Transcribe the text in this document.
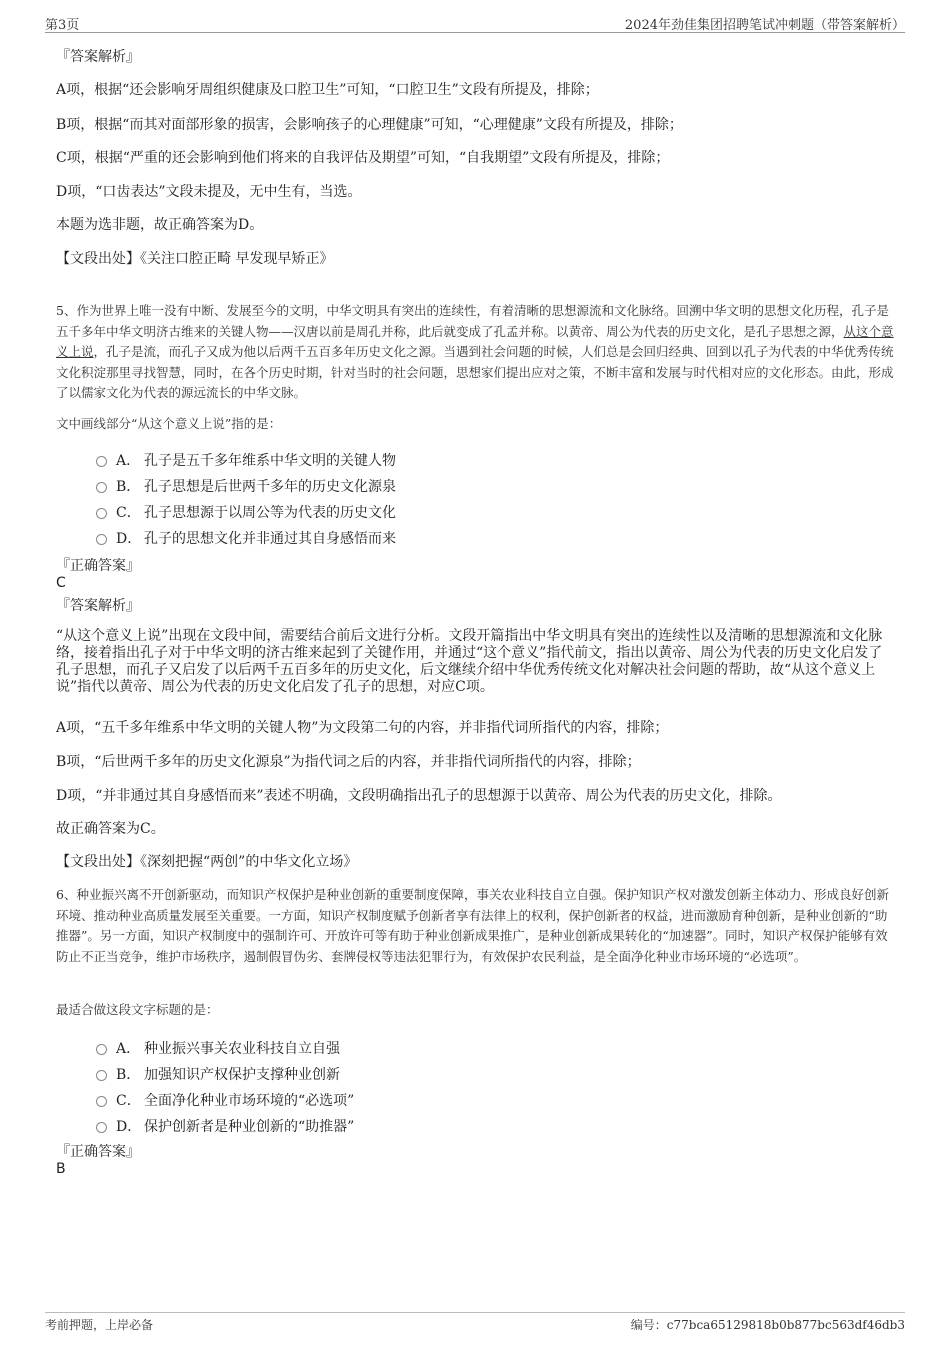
第3页	2024年劲佳集团招聘笔试冲刺题（带答案解析）
『答案解析』
A项，根据“还会影响牙周组织健康及口腔卫生”可知，“口腔卫生”文段有所提及，排除；
B项，根据“而其对面部形象的损害，会影响孩子的心理健康”可知，“心理健康”文段有所提及，排除；
C项，根据“严重的还会影响到他们将来的自我评估及期望”可知，“自我期望”文段有所提及，排除；
D项，“口齿表达”文段未提及，无中生有，当选。
本题为选非题，故正确答案为D。
【文段出处】《关注口腔正畸 早发现早矫正》
5、作为世界上唯一没有中断、发展至今的文明，中华文明具有突出的连续性，有着清晰的思想源流和文化脉络。回溯中华文明的思想文化历程，孔子是五千多年中华文明济古维来的关键人物——汉唐以前是周孔并称，此后就变成了孔孟并称。以黄帝、周公为代表的历史文化，是孔子思想之源，从这个意义上说，孔子是流，而孔子又成为他以后两千五百多年历史文化之源。当遇到社会问题的时候，人们总是会回归经典、回到以孔子为代表的中华优秀传统文化积淀那里寻找智慧，同时，在各个历史时期，针对当时的社会问题，思想家们提出应对之策，不断丰富和发展与时代相对应的文化形态。由此，形成了以儒家文化为代表的源远流长的中华文脉。
文中画线部分“从这个意义上说”指的是：
A． 孔子是五千多年维系中华文明的关键人物
B． 孔子思想是后世两千多年的历史文化源泉
C． 孔子思想源于以周公等为代表的历史文化
D． 孔子的思想文化并非通过其自身感悟而来
『正确答案』
C
『答案解析』
“从这个意义上说”出现在文段中间，需要结合前后文进行分析。文段开篇指出中华文明具有突出的连续性以及清晰的思想源流和文化脉络，接着指出孔子对于中华文明的济古维来起到了关键作用，并通过“这个意义”指代前文，指出以黄帝、周公为代表的历史文化启发了孔子思想，而孔子又启发了以后两千五百多年的历史文化，后文继续介绍中华优秀传统文化对解决社会问题的帮助，故“从这个意义上说”指代以黄帝、周公为代表的历史文化启发了孔子的思想，对应C项。
A项，“五千多年维系中华文明的关键人物”为文段第二句的内容，并非指代词所指代的内容，排除；
B项，“后世两千多年的历史文化源泉”为指代词之后的内容，并非指代词所指代的内容，排除；
D项，“并非通过其自身感悟而来”表述不明确，文段明确指出孔子的思想源于以黄帝、周公为代表的历史文化，排除。
故正确答案为C。
【文段出处】《深刻把握“两创”的中华文化立场》
6、种业振兴离不开创新驱动，而知识产权保护是种业创新的重要制度保障，事关农业科技自立自强。保护知识产权对激发创新主体动力、形成良好创新环境、推动种业高质量发展至关重要。一方面，知识产权制度赋予创新者享有法律上的权利，保护创新者的权益，进而激励育种创新，是种业创新的“助推器”。另一方面，知识产权制度中的强制许可、开放许可等有助于种业创新成果推广，是种业创新成果转化的“加速器”。同时，知识产权保护能够有效防止不正当竞争，维护市场秩序，遏制假冒伪劣、套牌侵权等违法犯罪行为，有效保护农民利益，是全面净化种业市场环境的“必选项”。
最适合做这段文字标题的是：
A． 种业振兴事关农业科技自立自强
B． 加强知识产权保护支撑种业创新
C． 全面净化种业市场环境的“必选项”
D． 保护创新者是种业创新的“助推器”
『正确答案』
B
考前押题，上岸必备	编号：c77bca65129818b0b877bc563df46db3
